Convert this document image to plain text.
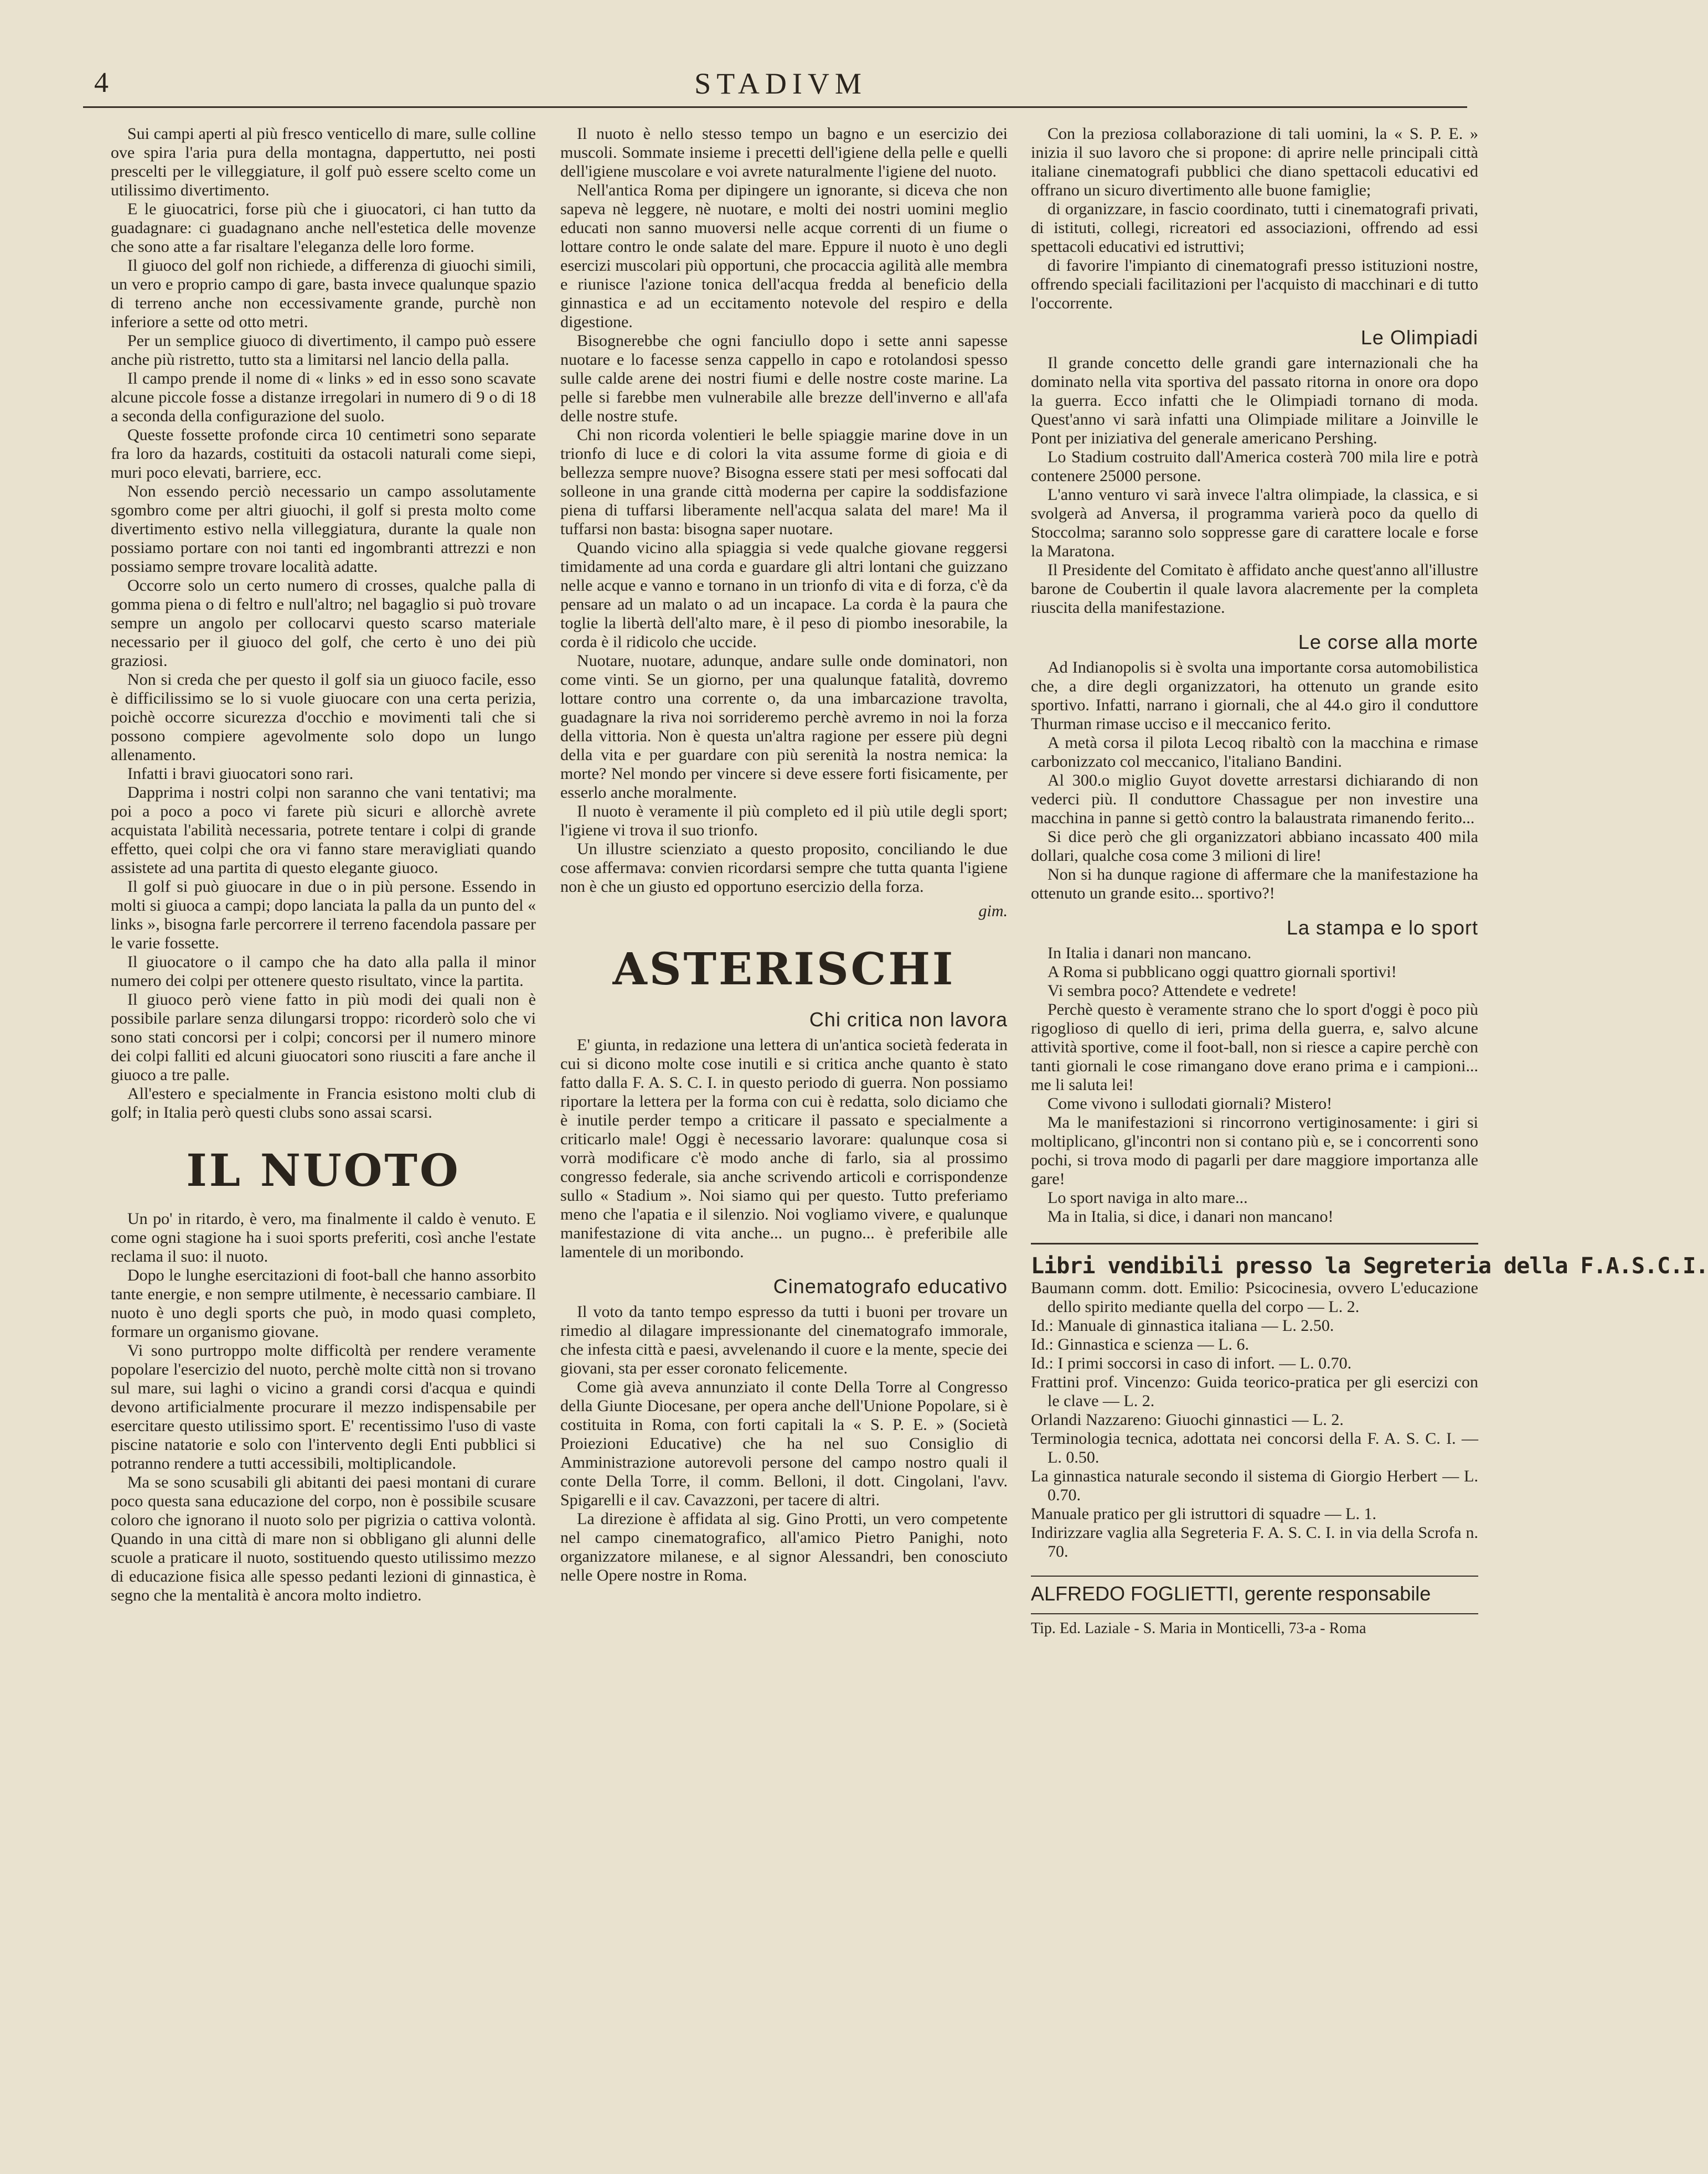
4	STADIVM

Sui campi aperti al più fresco venticello di mare, sulle colline ove spira l'aria pura della montagna, dappertutto, nei posti prescelti per le villeggiature, il golf può essere scelto come un utilissimo divertimento.

E le giuocatrici, forse più che i giuocatori, ci han tutto da guadagnare: ci guadagnano anche nell'estetica delle movenze che sono atte a far risaltare l'eleganza delle loro forme.

Il giuoco del golf non richiede, a differenza di giuochi simili, un vero e proprio campo di gare, basta invece qualunque spazio di terreno anche non eccessivamente grande, purchè non inferiore a sette od otto metri.

Per un semplice giuoco di divertimento, il campo può essere anche più ristretto, tutto sta a limitarsi nel lancio della palla.

Il campo prende il nome di « links » ed in esso sono scavate alcune piccole fosse a distanze irregolari in numero di 9 o di 18 a seconda della configurazione del suolo.

Queste fossette profonde circa 10 centimetri sono separate fra loro da hazards, costituiti da ostacoli naturali come siepi, muri poco elevati, barriere, ecc.

Non essendo perciò necessario un campo assolutamente sgombro come per altri giuochi, il golf si presta molto come divertimento estivo nella villeggiatura, durante la quale non possiamo portare con noi tanti ed ingombranti attrezzi e non possiamo sempre trovare località adatte.

Occorre solo un certo numero di crosses, qualche palla di gomma piena o di feltro e null'altro; nel bagaglio si può trovare sempre un angolo per collocarvi questo scarso materiale necessario per il giuoco del golf, che certo è uno dei più graziosi.

Non si creda che per questo il golf sia un giuoco facile, esso è difficilissimo se lo si vuole giuocare con una certa perizia, poichè occorre sicurezza d'occhio e movimenti tali che si possono compiere agevolmente solo dopo un lungo allenamento.

Infatti i bravi giuocatori sono rari.

Dapprima i nostri colpi non saranno che vani tentativi; ma poi a poco a poco vi farete più sicuri e allorchè avrete acquistata l'abilità necessaria, potrete tentare i colpi di grande effetto, quei colpi che ora vi fanno stare meravigliati quando assistete ad una partita di questo elegante giuoco.

Il golf si può giuocare in due o in più persone. Essendo in molti si giuoca a campi; dopo lanciata la palla da un punto del « links », bisogna farle percorrere il terreno facendola passare per le varie fossette.

Il giuocatore o il campo che ha dato alla palla il minor numero dei colpi per ottenere questo risultato, vince la partita.

Il giuoco però viene fatto in più modi dei quali non è possibile parlare senza dilungarsi troppo: ricorderò solo che vi sono stati concorsi per i colpi; concorsi per il numero minore dei colpi falliti ed alcuni giuocatori sono riusciti a fare anche il giuoco a tre palle.

All'estero e specialmente in Francia esistono molti club di golf; in Italia però questi clubs sono assai scarsi.

IL NUOTO

Un po' in ritardo, è vero, ma finalmente il caldo è venuto. E come ogni stagione ha i suoi sports preferiti, così anche l'estate reclama il suo: il nuoto.

Dopo le lunghe esercitazioni di foot-ball che hanno assorbito tante energie, e non sempre utilmente, è necessario cambiare. Il nuoto è uno degli sports che può, in modo quasi completo, formare un organismo giovane.

Vi sono purtroppo molte difficoltà per rendere veramente popolare l'esercizio del nuoto, perchè molte città non si trovano sul mare, sui laghi o vicino a grandi corsi d'acqua e quindi devono artificialmente procurare il mezzo indispensabile per esercitare questo utilissimo sport. E' recentissimo l'uso di vaste piscine natatorie e solo con l'intervento degli Enti pubblici si potranno rendere a tutti accessibili, moltiplicandole.

Ma se sono scusabili gli abitanti dei paesi montani di curare poco questa sana educazione del corpo, non è possibile scusare coloro che ignorano il nuoto solo per pigrizia o cattiva volontà. Quando in una città di mare non si obbligano gli alunni delle scuole a praticare il nuoto, sostituendo questo utilissimo mezzo di educazione fisica alle spesso pedanti lezioni di ginnastica, è segno che la mentalità è ancora molto indietro.

Il nuoto è nello stesso tempo un bagno e un esercizio dei muscoli. Sommate insieme i precetti dell'igiene della pelle e quelli dell'igiene muscolare e voi avrete naturalmente l'igiene del nuoto.

Nell'antica Roma per dipingere un ignorante, si diceva che non sapeva nè leggere, nè nuotare, e molti dei nostri uomini meglio educati non sanno muoversi nelle acque correnti di un fiume o lottare contro le onde salate del mare. Eppure il nuoto è uno degli esercizi muscolari più opportuni, che procaccia agilità alle membra e riunisce l'azione tonica dell'acqua fredda al beneficio della ginnastica e ad un eccitamento notevole del respiro e della digestione.

Bisognerebbe che ogni fanciullo dopo i sette anni sapesse nuotare e lo facesse senza cappello in capo e rotolandosi spesso sulle calde arene dei nostri fiumi e delle nostre coste marine. La pelle si farebbe men vulnerabile alle brezze dell'inverno e all'afa delle nostre stufe.

Chi non ricorda volentieri le belle spiaggie marine dove in un trionfo di luce e di colori la vita assume forme di gioia e di bellezza sempre nuove? Bisogna essere stati per mesi soffocati dal solleone in una grande città moderna per capire la soddisfazione piena di tuffarsi liberamente nell'acqua salata del mare! Ma il tuffarsi non basta: bisogna saper nuotare.

Quando vicino alla spiaggia si vede qualche giovane reggersi timidamente ad una corda e guardare gli altri lontani che guizzano nelle acque e vanno e tornano in un trionfo di vita e di forza, c'è da pensare ad un malato o ad un incapace. La corda è la paura che toglie la libertà dell'alto mare, è il peso di piombo inesorabile, la corda è il ridicolo che uccide.

Nuotare, nuotare, adunque, andare sulle onde dominatori, non come vinti. Se un giorno, per una qualunque fatalità, dovremo lottare contro una corrente o, da una imbarcazione travolta, guadagnare la riva noi sorrideremo perchè avremo in noi la forza della vittoria. Non è questa un'altra ragione per essere più degni della vita e per guardare con più serenità la nostra nemica: la morte? Nel mondo per vincere si deve essere forti fisicamente, per esserlo anche moralmente.

Il nuoto è veramente il più completo ed il più utile degli sport; l'igiene vi trova il suo trionfo.

Un illustre scienziato a questo proposito, conciliando le due cose affermava: convien ricordarsi sempre che tutta quanta l'igiene non è che un giusto ed opportuno esercizio della forza.

gim.

ASTERISCHI
Chi critica non lavora

E' giunta, in redazione una lettera di un'antica società federata in cui si dicono molte cose inutili e si critica anche quanto è stato fatto dalla F. A. S. C. I. in questo periodo di guerra. Non possiamo riportare la lettera per la forma con cui è redatta, solo diciamo che è inutile perder tempo a criticare il passato e specialmente a criticarlo male! Oggi è necessario lavorare: qualunque cosa si vorrà modificare c'è modo anche di farlo, sia al prossimo congresso federale, sia anche scrivendo articoli e corrispondenze sullo « Stadium ». Noi siamo qui per questo. Tutto preferiamo meno che l'apatia e il silenzio. Noi vogliamo vivere, e qualunque manifestazione di vita anche... un pugno... è preferibile alle lamentele di un moribondo.

Cinematografo educativo

Il voto da tanto tempo espresso da tutti i buoni per trovare un rimedio al dilagare impressionante del cinematografo immorale, che infesta città e paesi, avvelenando il cuore e la mente, specie dei giovani, sta per esser coronato felicemente.

Come già aveva annunziato il conte Della Torre al Congresso della Giunte Diocesane, per opera anche dell'Unione Popolare, si è costituita in Roma, con forti capitali la « S. P. E. » (Società Proiezioni Educative) che ha nel suo Consiglio di Amministrazione autorevoli persone del campo nostro quali il conte Della Torre, il comm. Belloni, il dott. Cingolani, l'avv. Spigarelli e il cav. Cavazzoni, per tacere di altri.

La direzione è affidata al sig. Gino Protti, un vero competente nel campo cinematografico, all'amico Pietro Panighi, noto organizzatore milanese, e al signor Alessandri, ben conosciuto nelle Opere nostre in Roma.

Con la preziosa collaborazione di tali uomini, la « S. P. E. » inizia il suo lavoro che si propone: di aprire nelle principali città italiane cinematografi pubblici che diano spettacoli educativi ed offrano un sicuro divertimento alle buone famiglie;

di organizzare, in fascio coordinato, tutti i cinematografi privati, di istituti, collegi, ricreatori ed associazioni, offrendo ad essi spettacoli educativi ed istruttivi;

di favorire l'impianto di cinematografi presso istituzioni nostre, offrendo speciali facilitazioni per l'acquisto di macchinari e di tutto l'occorrente.

Le Olimpiadi

Il grande concetto delle grandi gare internazionali che ha dominato nella vita sportiva del passato ritorna in onore ora dopo la guerra. Ecco infatti che le Olimpiadi tornano di moda. Quest'anno vi sarà infatti una Olimpiade militare a Joinville le Pont per iniziativa del generale americano Pershing.

Lo Stadium costruito dall'America costerà 700 mila lire e potrà contenere 25000 persone.

L'anno venturo vi sarà invece l'altra olimpiade, la classica, e si svolgerà ad Anversa, il programma varierà poco da quello di Stoccolma; saranno solo soppresse gare di carattere locale e forse la Maratona.

Il Presidente del Comitato è affidato anche quest'anno all'illustre barone de Coubertin il quale lavora alacremente per la completa riuscita della manifestazione.

Le corse alla morte

Ad Indianopolis si è svolta una importante corsa automobilistica che, a dire degli organizzatori, ha ottenuto un grande esito sportivo. Infatti, narrano i giornali, che al 44.o giro il conduttore Thurman rimase ucciso e il meccanico ferito.

A metà corsa il pilota Lecoq ribaltò con la macchina e rimase carbonizzato col meccanico, l'italiano Bandini.

Al 300.o miglio Guyot dovette arrestarsi dichiarando di non vederci più. Il conduttore Chassague per non investire una macchina in panne si gettò contro la balaustrata rimanendo ferito...

Si dice però che gli organizzatori abbiano incassato 400 mila dollari, qualche cosa come 3 milioni di lire!

Non si ha dunque ragione di affermare che la manifestazione ha ottenuto un grande esito... sportivo?!

La stampa e lo sport

In Italia i danari non mancano.

A Roma si pubblicano oggi quattro giornali sportivi!

Vi sembra poco? Attendete e vedrete!

Perchè questo è veramente strano che lo sport d'oggi è poco più rigoglioso di quello di ieri, prima della guerra, e, salvo alcune attività sportive, come il foot-ball, non si riesce a capire perchè con tanti giornali le cose rimangano dove erano prima e i campioni... me li saluta lei!

Come vivono i sullodati giornali? Mistero!

Ma le manifestazioni si rincorrono vertiginosamente: i giri si moltiplicano, gl'incontri non si contano più e, se i concorrenti sono pochi, si trova modo di pagarli per dare maggiore importanza alle gare!

Lo sport naviga in alto mare...

Ma in Italia, si dice, i danari non mancano!

Libri vendibili presso la Segreteria della F.A.S.C.I.

Baumann comm. dott. Emilio: Psicocinesia, ovvero L'educazione dello spirito mediante quella del corpo — L. 2.

Id.: Manuale di ginnastica italiana — L. 2.50.

Id.: Ginnastica e scienza — L. 6.

Id.: I primi soccorsi in caso di infort. — L. 0.70.

Frattini prof. Vincenzo: Guida teorico-pratica per gli esercizi con le clave — L. 2.

Orlandi Nazzareno: Giuochi ginnastici — L. 2.

Terminologia tecnica, adottata nei concorsi della F. A. S. C. I. — L. 0.50.

La ginnastica naturale secondo il sistema di Giorgio Herbert — L. 0.70.

Manuale pratico per gli istruttori di squadre — L. 1.

Indirizzare vaglia alla Segreteria F. A. S. C. I. in via della Scrofa n. 70.

ALFREDO FOGLIETTI, gerente responsabile
Tip. Ed. Laziale - S. Maria in Monticelli, 73-a - Roma
